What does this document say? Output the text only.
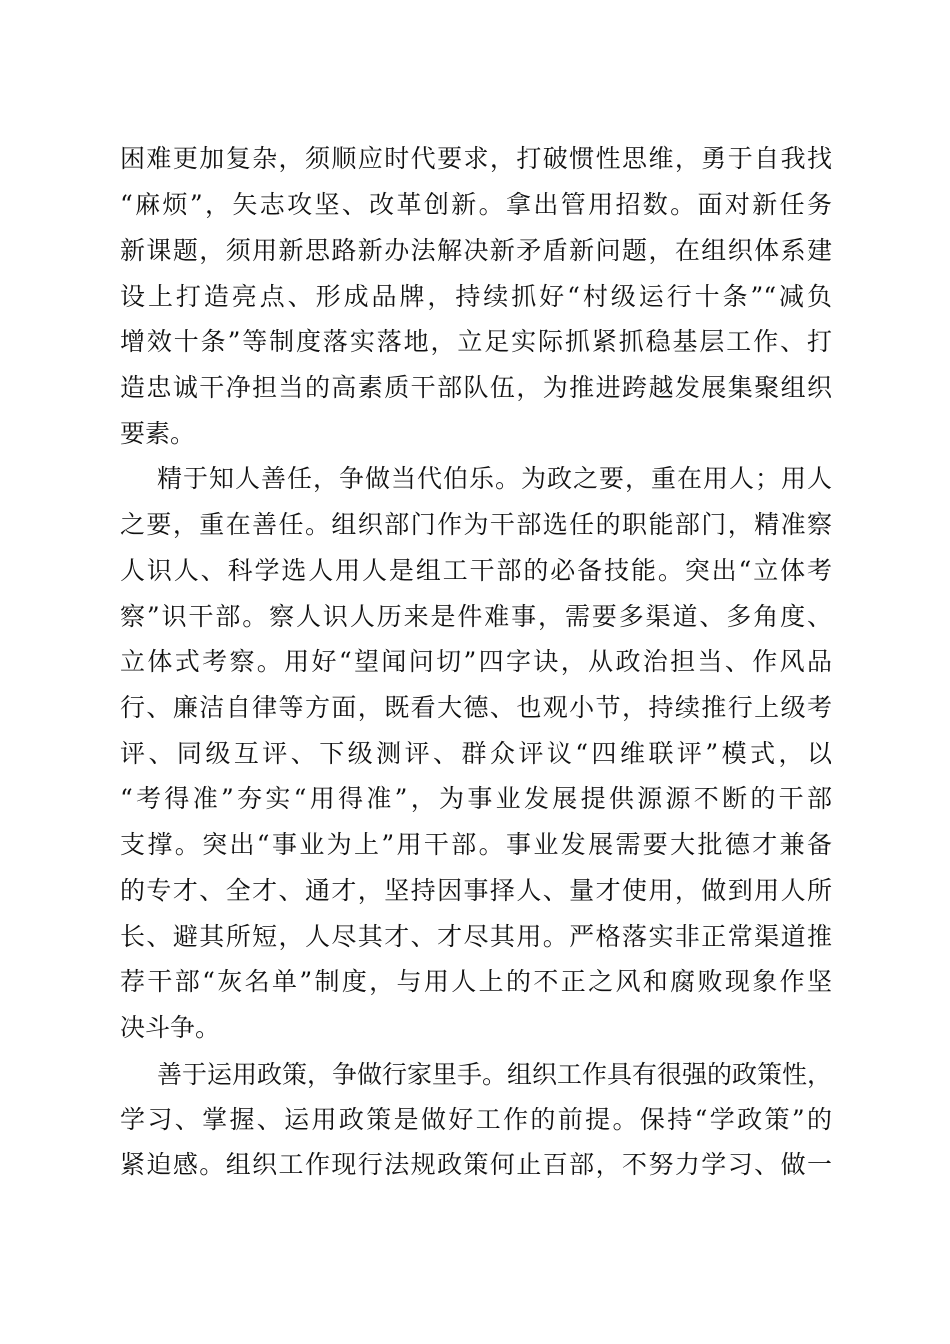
困难更加复杂，须顺应时代要求，打破惯性思维，勇于自我找
“麻烦”，矢志攻坚、改革创新。拿出管用招数。面对新任务
新课题，须用新思路新办法解决新矛盾新问题，在组织体系建
设上打造亮点、形成品牌，持续抓好“村级运行十条”“减负
增效十条”等制度落实落地，立足实际抓紧抓稳基层工作、打
造忠诚干净担当的高素质干部队伍，为推进跨越发展集聚组织
要素。
精于知人善任，争做当代伯乐。为政之要，重在用人；用人
之要，重在善任。组织部门作为干部选任的职能部门，精准察
人识人、科学选人用人是组工干部的必备技能。突出“立体考
察”识干部。察人识人历来是件难事，需要多渠道、多角度、
立体式考察。用好“望闻问切”四字诀，从政治担当、作风品
行、廉洁自律等方面，既看大德、也观小节，持续推行上级考
评、同级互评、下级测评、群众评议“四维联评”模式，以
“考得准”夯实“用得准”，为事业发展提供源源不断的干部
支撑。突出“事业为上”用干部。事业发展需要大批德才兼备
的专才、全才、通才，坚持因事择人、量才使用，做到用人所
长、避其所短，人尽其才、才尽其用。严格落实非正常渠道推
荐干部“灰名单”制度，与用人上的不正之风和腐败现象作坚
决斗争。
善于运用政策，争做行家里手。组织工作具有很强的政策性，
学习、掌握、运用政策是做好工作的前提。保持“学政策”的
紧迫感。组织工作现行法规政策何止百部，不努力学习、做一
